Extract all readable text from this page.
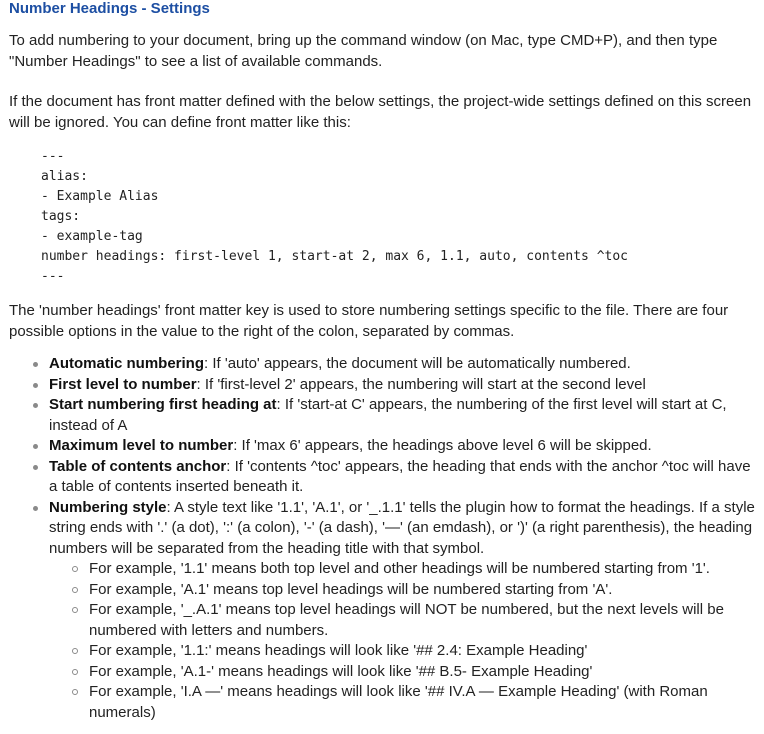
Number Headings - Settings

To add numbering to your document, bring up the command window (on Mac, type CMD+P), and then type "Number Headings" to see a list of available commands.

If the document has front matter defined with the below settings, the project-wide settings defined on this screen will be ignored. You can define front matter like this:

---
alias:
- Example Alias
tags:
- example-tag
number headings: first-level 1, start-at 2, max 6, 1.1, auto, contents ^toc
---

The 'number headings' front matter key is used to store numbering settings specific to the file. There are four possible options in the value to the right of the colon, separated by commas.

Automatic numbering: If 'auto' appears, the document will be automatically numbered.
First level to number: If 'first-level 2' appears, the numbering will start at the second level
Start numbering first heading at: If 'start-at C' appears, the numbering of the first level will start at C, instead of A
Maximum level to number: If 'max 6' appears, the headings above level 6 will be skipped.
Table of contents anchor: If 'contents ^toc' appears, the heading that ends with the anchor ^toc will have a table of contents inserted beneath it.
Numbering style: A style text like '1.1', 'A.1', or '_.1.1' tells the plugin how to format the headings. If a style string ends with '.' (a dot), ':' (a colon), '-' (a dash), '—' (an emdash), or ')' (a right parenthesis), the heading numbers will be separated from the heading title with that symbol.
For example, '1.1' means both top level and other headings will be numbered starting from '1'.
For example, 'A.1' means top level headings will be numbered starting from 'A'.
For example, '_.A.1' means top level headings will NOT be numbered, but the next levels will be numbered with letters and numbers.
For example, '1.1:' means headings will look like '## 2.4: Example Heading'
For example, 'A.1-' means headings will look like '## B.5- Example Heading'
For example, 'I.A —' means headings will look like '## IV.A — Example Heading' (with Roman numerals)
